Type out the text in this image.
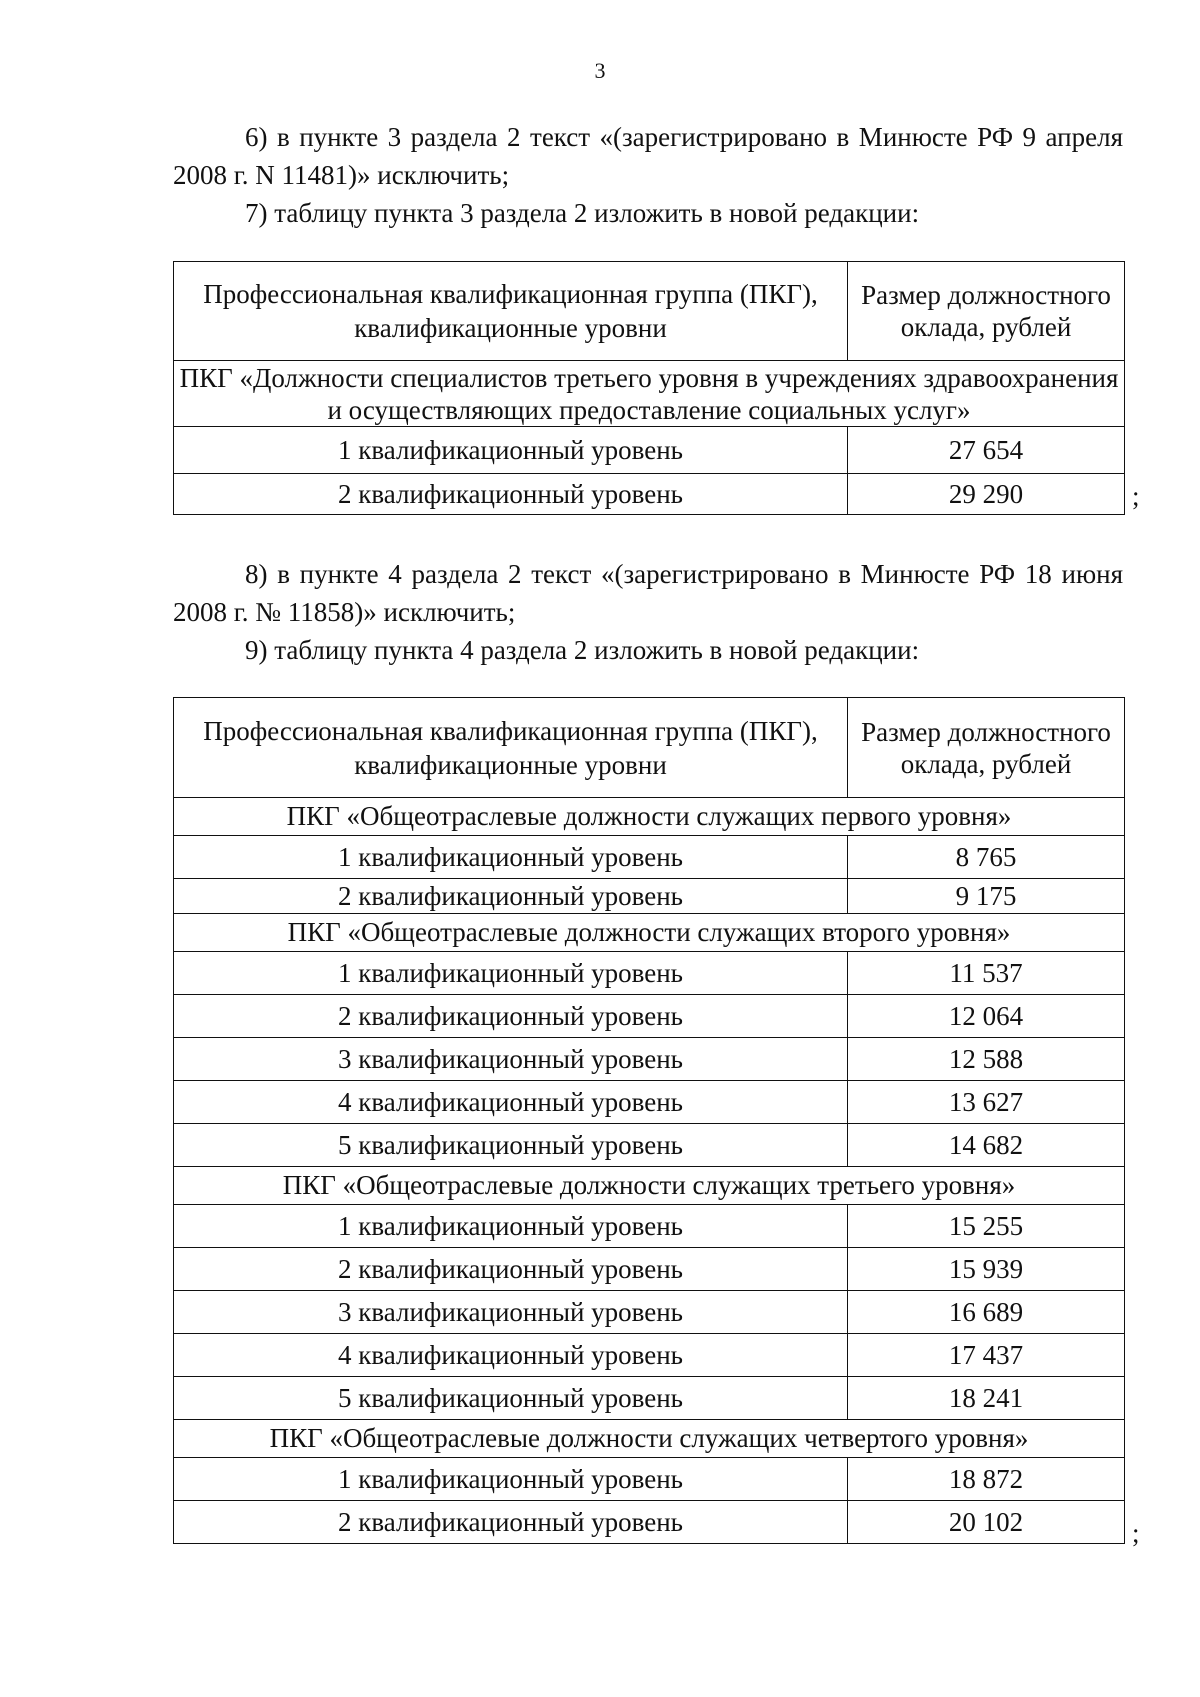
3

6) в пункте 3 раздела 2 текст «(зарегистрировано в Минюсте РФ 9 апреля 2008 г. N 11481)» исключить;

7) таблицу пункта 3 раздела 2 изложить в новой редакции:

Профессиональная квалификационная группа (ПКГ), квалификационные уровни	Размер должностного оклада, рублей
ПКГ «Должности специалистов третьего уровня в учреждениях здравоохранения и осуществляющих предоставление социальных услуг»	
1 квалификационный уровень	27 654
2 квалификационный уровень	29 290	;

8) в пункте 4 раздела 2 текст «(зарегистрировано в Минюсте РФ 18 июня 2008 г. № 11858)» исключить;

9) таблицу пункта 4 раздела 2 изложить в новой редакции:

Профессиональная квалификационная группа (ПКГ), квалификационные уровни	Размер должностного оклада, рублей
ПКГ «Общеотраслевые должности служащих первого уровня»	
1 квалификационный уровень	8 765
2 квалификационный уровень	9 175
ПКГ «Общеотраслевые должности служащих второго уровня»	
1 квалификационный уровень	11 537
2 квалификационный уровень	12 064
3 квалификационный уровень	12 588
4 квалификационный уровень	13 627
5 квалификационный уровень	14 682
ПКГ «Общеотраслевые должности служащих третьего уровня»	
1 квалификационный уровень	15 255
2 квалификационный уровень	15 939
3 квалификационный уровень	16 689
4 квалификационный уровень	17 437
5 квалификационный уровень	18 241
ПКГ «Общеотраслевые должности служащих четвертого уровня»	
1 квалификационный уровень	18 872
2 квалификационный уровень	20 102	;
